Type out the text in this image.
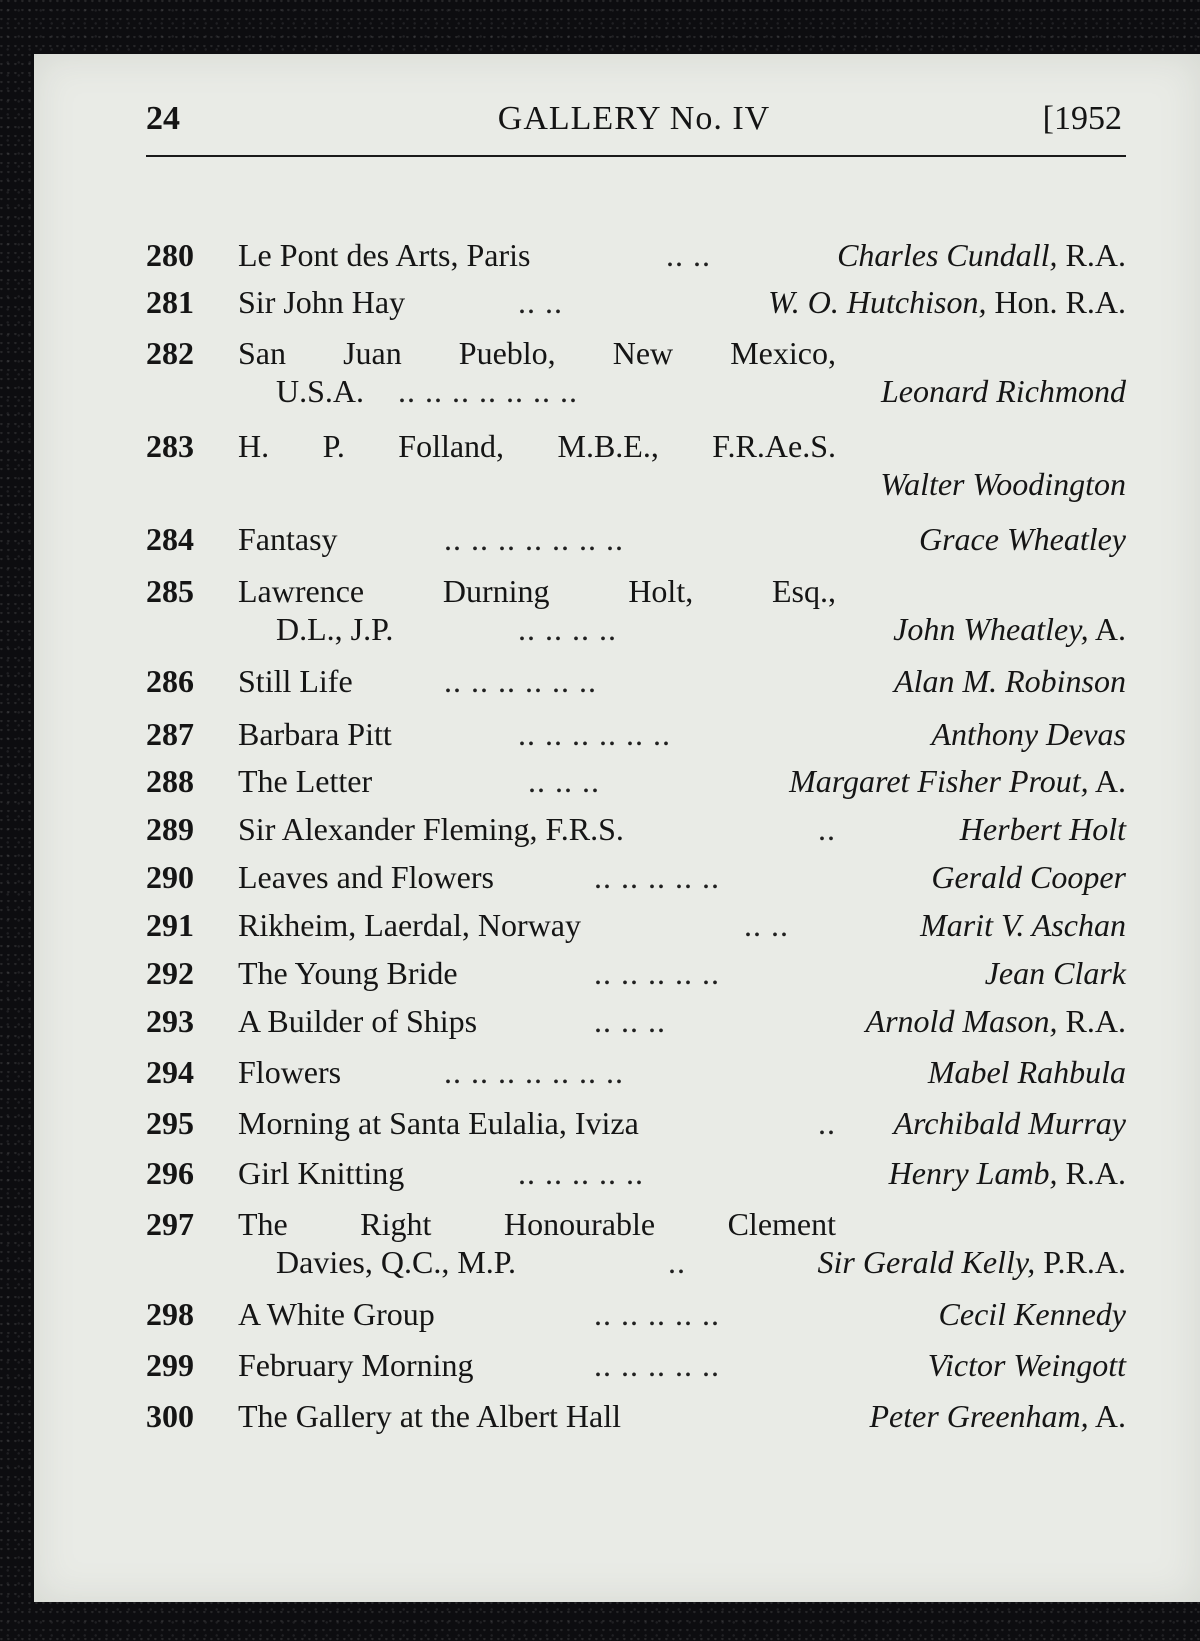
24	GALLERY No. IV	[1952
280	Le Pont des Arts, Paris	.. ..	Charles Cundall, R.A.
281	Sir John Hay	.. ..	W. O. Hutchison, Hon. R.A.
282	San Juan Pueblo, New Mexico,
U.S.A. .. .. .. .. .. .. ..	Leonard Richmond
283	H. P. Folland, M.B.E., F.R.Ae.S.
Walter Woodington
284	Fantasy	.. .. .. .. .. .. ..	Grace Wheatley
285	Lawrence Durning Holt, Esq.,
D.L., J.P.	.. .. .. ..	John Wheatley, A.
286	Still Life	.. .. .. .. .. ..	Alan M. Robinson
287	Barbara Pitt	.. .. .. .. .. ..	Anthony Devas
288	The Letter	.. .. ..	Margaret Fisher Prout, A.
289	Sir Alexander Fleming, F.R.S.	..	Herbert Holt
290	Leaves and Flowers	.. .. .. .. ..	Gerald Cooper
291	Rikheim, Laerdal, Norway	.. ..	Marit V. Aschan
292	The Young Bride	.. .. .. .. ..	Jean Clark
293	A Builder of Ships	.. .. ..	Arnold Mason, R.A.
294	Flowers	.. .. .. .. .. .. ..	Mabel Rahbula
295	Morning at Santa Eulalia, Iviza	.. Archibald Murray
296	Girl Knitting	.. .. .. .. ..	Henry Lamb, R.A.
297	The Right Honourable Clement
Davies, Q.C., M.P.	..	Sir Gerald Kelly, P.R.A.
298	A White Group	.. .. .. .. ..	Cecil Kennedy
299	February Morning	.. .. .. .. ..	Victor Weingott
300	The Gallery at the Albert Hall	Peter Greenham, A.
